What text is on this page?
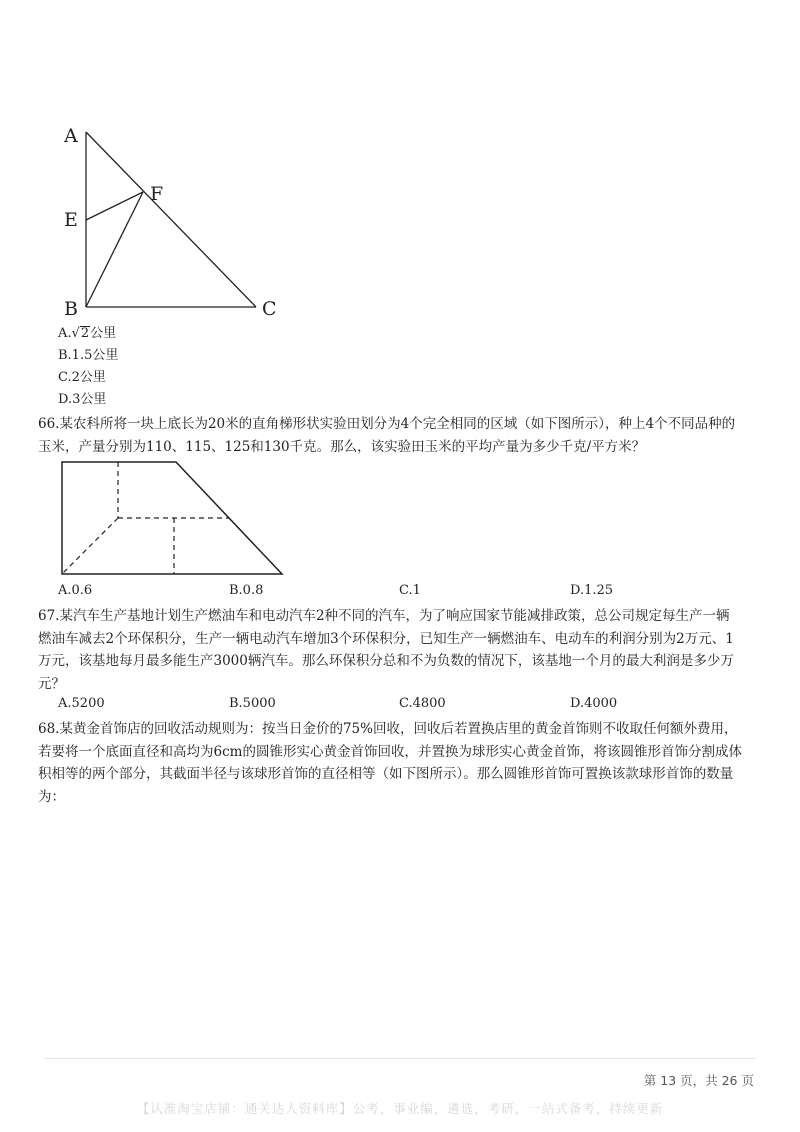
A
E
F
B	C
A.√2公里
B.1.5公里
C.2公里
D.3公里

66.某农科所将一块上底长为20米的直角梯形状实验田划分为4个完全相同的区域（如下图所示），种上4个不同品种的玉米，产量分别为110、115、125和130千克。那么，该实验田玉米的平均产量为多少千克/平方米？

A.0.6	B.0.8	C.1	D.1.25

67.某汽车生产基地计划生产燃油车和电动汽车2种不同的汽车，为了响应国家节能减排政策，总公司规定每生产一辆燃油车减去2个环保积分，生产一辆电动汽车增加3个环保积分，已知生产一辆燃油车、电动车的利润分别为2万元、1万元，该基地每月最多能生产3000辆汽车。那么环保积分总和不为负数的情况下，该基地一个月的最大利润是多少万元？

A.5200	B.5000	C.4800	D.4000

68.某黄金首饰店的回收活动规则为：按当日金价的75%回收，回收后若置换店里的黄金首饰则不收取任何额外费用，若要将一个底面直径和高均为6cm的圆锥形实心黄金首饰回收，并置换为球形实心黄金首饰，将该圆锥形首饰分割成体积相等的两个部分，其截面半径与该球形首饰的直径相等（如下图所示）。那么圆锥形首饰可置换该款球形首饰的数量为：

第 13 页，共 26 页
【认准淘宝店铺：通关达人资料库】公考，事业编，遴选，考研，一站式备考，持续更新
